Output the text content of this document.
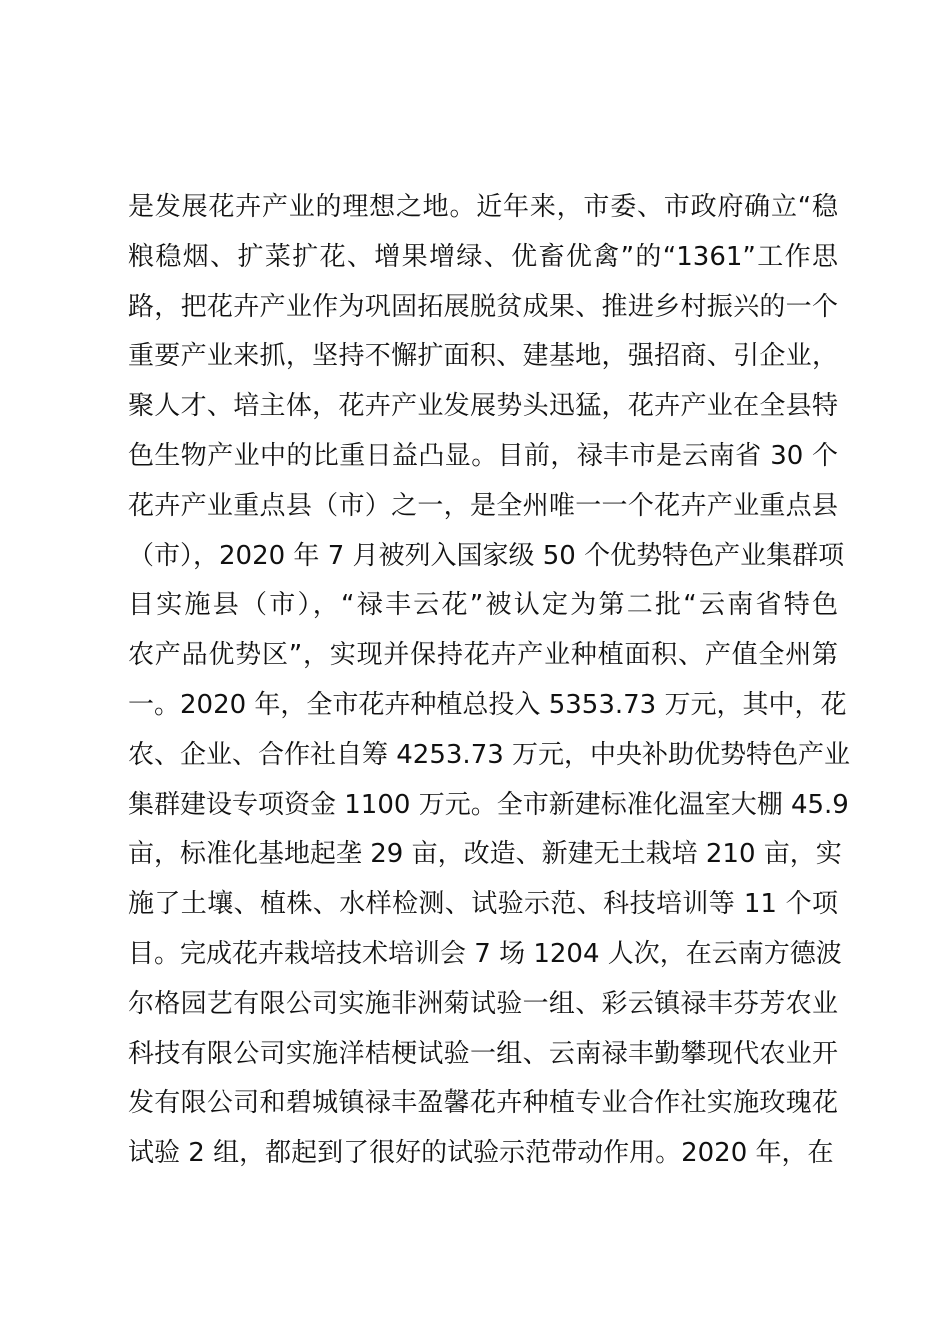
是发展花卉产业的理想之地。近年来，市委、市政府确立“稳
粮稳烟、扩菜扩花、增果增绿、优畜优禽”的“1361”工作思
路，把花卉产业作为巩固拓展脱贫成果、推进乡村振兴的一个
重要产业来抓，坚持不懈扩面积、建基地，强招商、引企业，
聚人才、培主体，花卉产业发展势头迅猛，花卉产业在全县特
色生物产业中的比重日益凸显。目前，禄丰市是云南省 30 个
花卉产业重点县（市）之一，是全州唯一一个花卉产业重点县
（市），2020 年 7 月被列入国家级 50 个优势特色产业集群项
目实施县（市），“禄丰云花”被认定为第二批“云南省特色
农产品优势区”，实现并保持花卉产业种植面积、产值全州第
一。2020 年，全市花卉种植总投入 5353.73 万元，其中，花
农、企业、合作社自筹 4253.73 万元，中央补助优势特色产业
集群建设专项资金 1100 万元。全市新建标准化温室大棚 45.9
亩，标准化基地起垄 29 亩，改造、新建无土栽培 210 亩，实
施了土壤、植株、水样检测、试验示范、科技培训等 11 个项
目。完成花卉栽培技术培训会 7 场 1204 人次，在云南方德波
尔格园艺有限公司实施非洲菊试验一组、彩云镇禄丰芬芳农业
科技有限公司实施洋桔梗试验一组、云南禄丰勤攀现代农业开
发有限公司和碧城镇禄丰盈馨花卉种植专业合作社实施玫瑰花
试验 2 组，都起到了很好的试验示范带动作用。2020 年，在
